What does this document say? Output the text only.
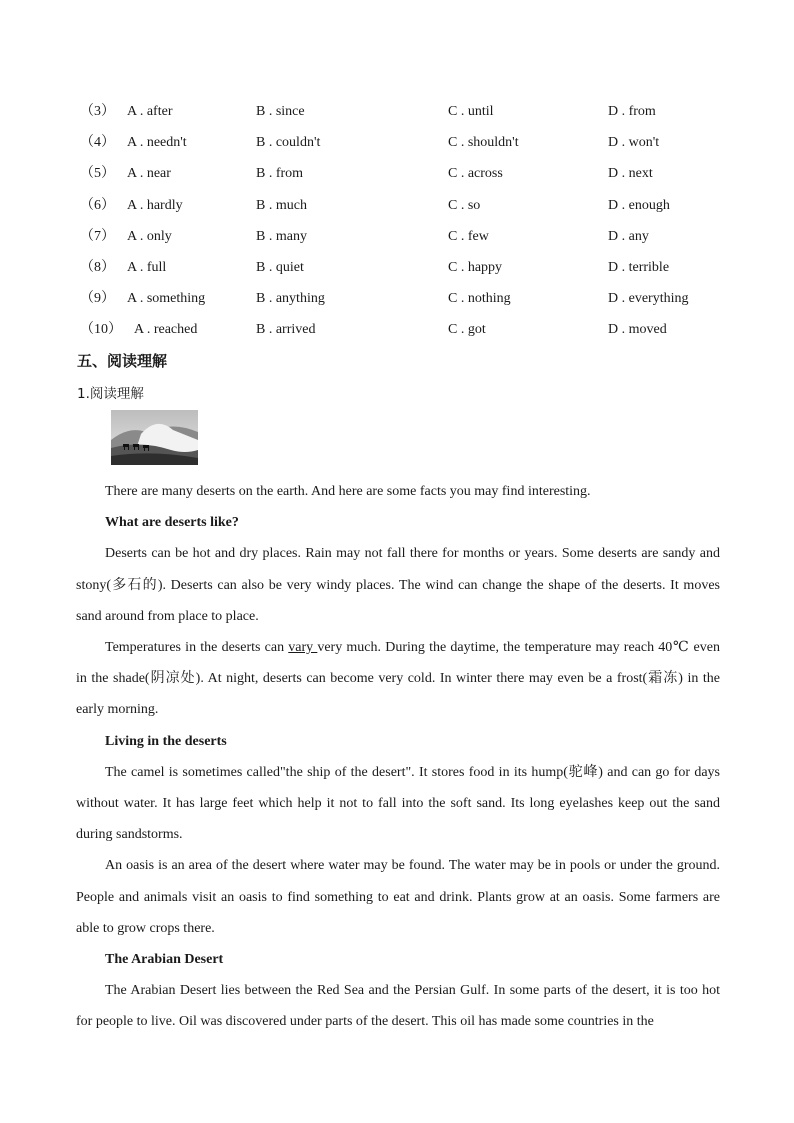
（3） A . after	B . since	C . until	D . from
（4） A . needn't	B . couldn't	C . shouldn't	D . won't
（5） A . near	B . from	C . across	D . next
（6） A . hardly	B . much	C . so	D . enough
（7） A . only	B . many	C . few	D . any
（8） A . full	B . quiet	C . happy	D . terrible
（9） A . something	B . anything	C . nothing	D . everything
（10） A . reached	B . arrived	C . got	D . moved
五、阅读理解
1.阅读理解

There are many deserts on the earth. And here are some facts you may find interesting.

What are deserts like?

Deserts can be hot and dry places. Rain may not fall there for months or years. Some deserts are sandy and stony(多石的). Deserts can also be very windy places. The wind can change the shape of the deserts. It moves sand around from place to place.

Temperatures in the deserts can vary very much. During the daytime, the temperature may reach 40℃ even in the shade(阴凉处). At night, deserts can become very cold. In winter there may even be a frost(霜冻) in the early morning.

Living in the deserts

The camel is sometimes called"the ship of the desert". It stores food in its hump(驼峰) and can go for days without water. It has large feet which help it not to fall into the soft sand. Its long eyelashes keep out the sand during sandstorms.

An oasis is an area of the desert where water may be found. The water may be in pools or under the ground. People and animals visit an oasis to find something to eat and drink. Plants grow at an oasis. Some farmers are able to grow crops there.

The Arabian Desert

The Arabian Desert lies between the Red Sea and the Persian Gulf. In some parts of the desert, it is too hot for people to live. Oil was discovered under parts of the desert. This oil has made some countries in the
